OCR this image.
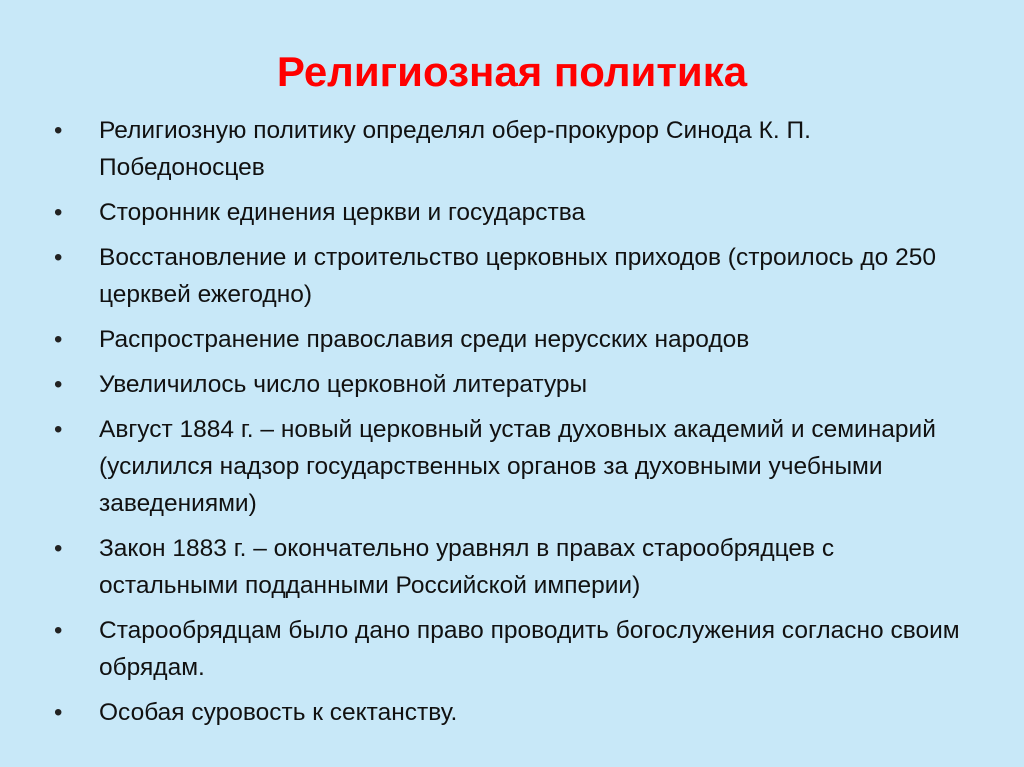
Религиозная политика
• Религиозную политику определял обер-прокурор Синода К. П. Победоносцев
• Сторонник единения церкви и государства
• Восстановление и строительство церковных приходов (строилось до 250 церквей ежегодно)
• Распространение православия среди нерусских народов
• Увеличилось число церковной литературы
• Август 1884 г. – новый церковный устав духовных академий и семинарий (усилился надзор государственных органов за духовными учебными заведениями)
• Закон 1883 г. – окончательно уравнял в правах старообрядцев с остальными подданными Российской империи)
• Старообрядцам было дано право проводить богослужения согласно своим обрядам.
• Особая суровость к сектанству.
